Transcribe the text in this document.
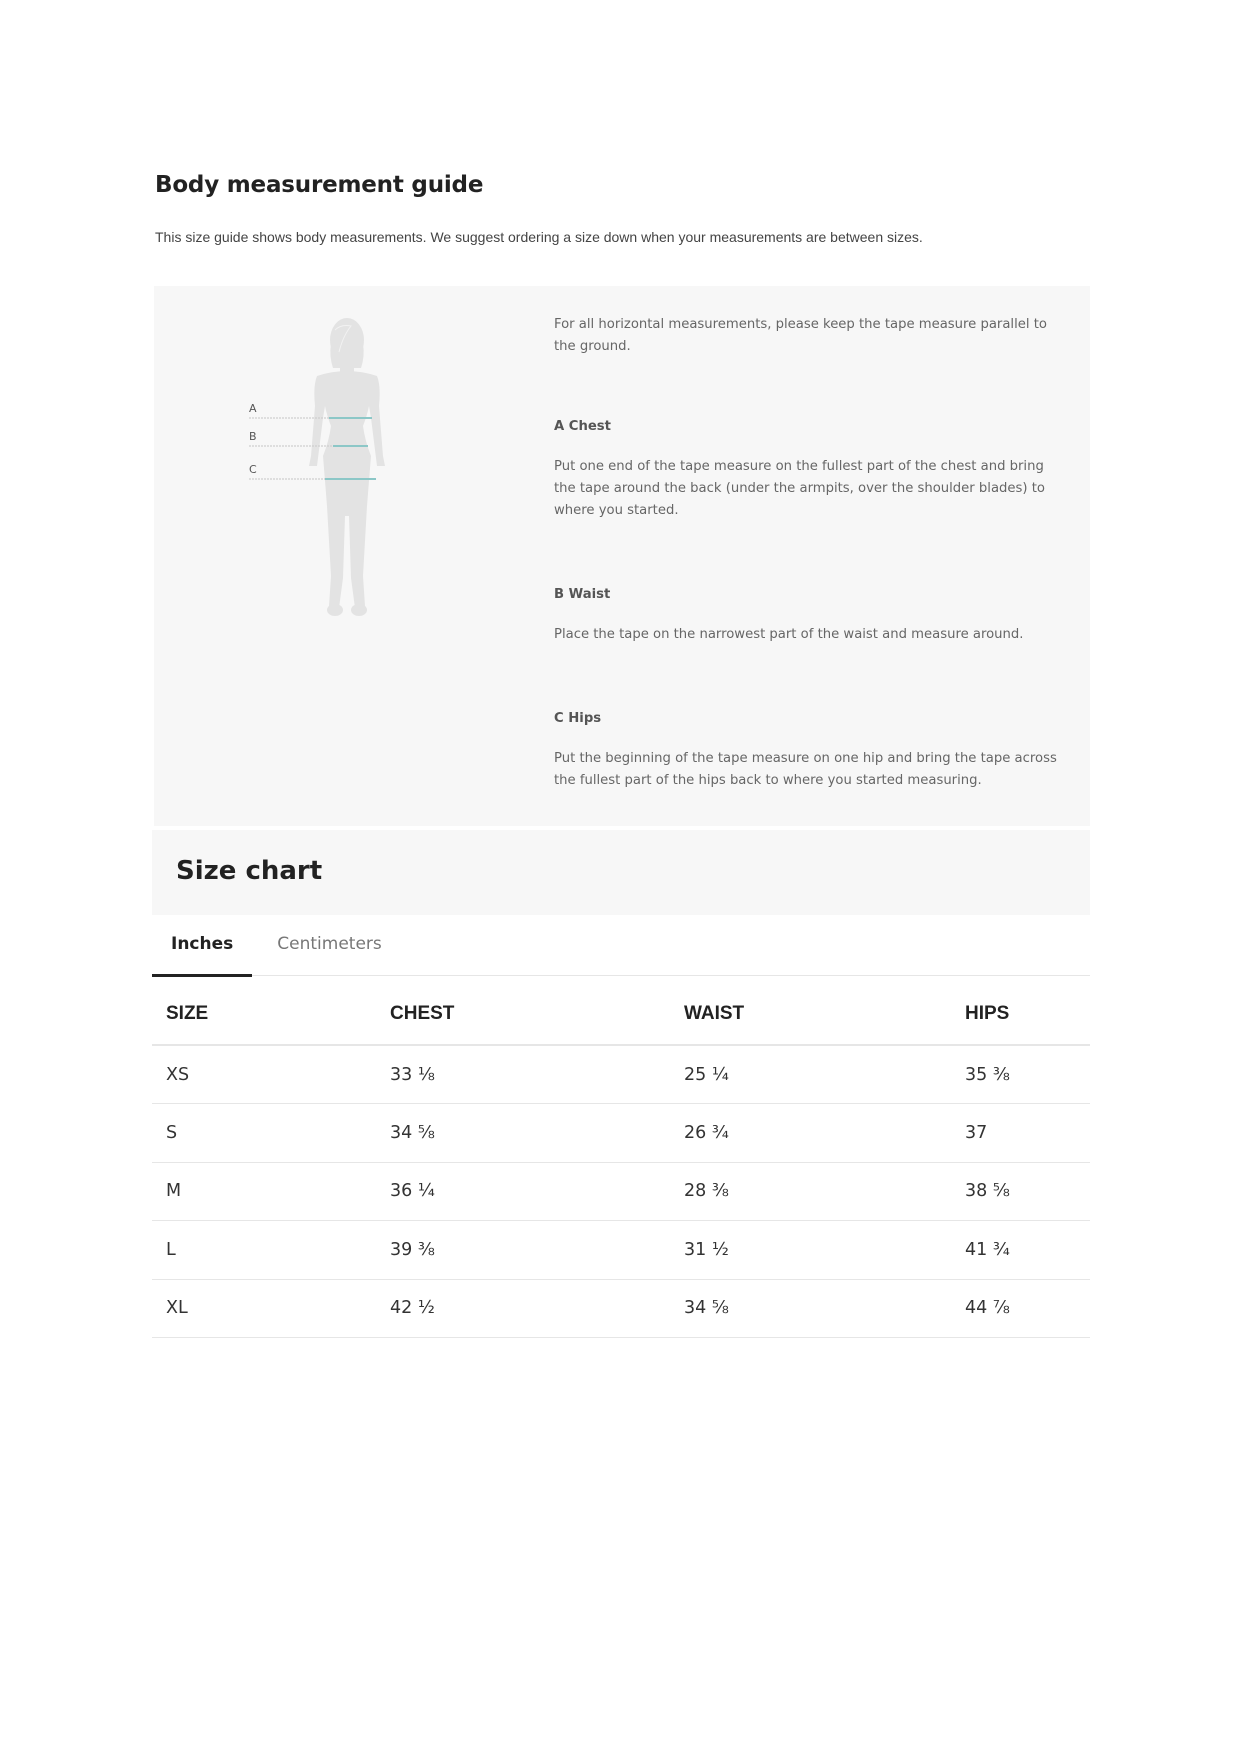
Body measurement guide

This size guide shows body measurements. We suggest ordering a size down when your measurements are between sizes.

A
B
C

For all horizontal measurements, please keep the tape measure parallel to the ground.

A Chest

Put one end of the tape measure on the fullest part of the chest and bring the tape around the back (under the armpits, over the shoulder blades) to where you started.

B Waist

Place the tape on the narrowest part of the waist and measure around.

C Hips

Put the beginning of the tape measure on one hip and bring the tape across the fullest part of the hips back to where you started measuring.

Size chart
Inches	Centimeters
SIZE	CHEST	WAIST	HIPS
XS	33 ⅛	25 ¼	35 ⅜
S	34 ⅝	26 ¾	37
M	36 ¼	28 ⅜	38 ⅝
L	39 ⅜	31 ½	41 ¾
XL	42 ½	34 ⅝	44 ⅞
